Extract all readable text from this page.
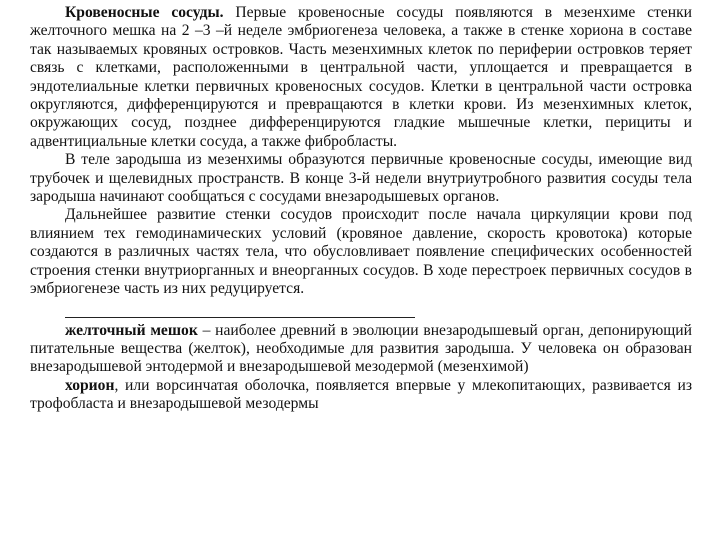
Кровеносные сосуды. Первые кровеносные сосуды появляются в мезенхиме стенки желточного мешка на 2 –3 –й неделе эмбриогенеза человека, а также в стенке хориона в составе так называемых кровяных островков. Часть мезенхимных клеток по периферии островков теряет связь с клетками, расположенными в центральной части, уплощается и превращается в эндотелиальные клетки первичных кровеносных сосудов. Клетки в центральной части островка округляются, дифференцируются и превращаются в клетки крови. Из мезенхимных клеток, окружающих сосуд, позднее дифференцируются гладкие мышечные клетки, перициты и адвентициальные клетки сосуда, а также фибробласты.

В теле зародыша из мезенхимы образуются первичные кровеносные сосуды, имеющие вид трубочек и щелевидных пространств. В конце 3-й недели внутриутробного развития сосуды тела зародыша начинают сообщаться с сосудами внезародышевых органов.

Дальнейшее развитие стенки сосудов происходит после начала циркуляции крови под влиянием тех гемодинамических условий (кровяное давление, скорость кровотока) которые создаются в различных частях тела, что обусловливает появление специфических особенностей строения стенки внутриорганных и внеорганных сосудов. В ходе перестроек первичных сосудов в эмбриогенезе часть из них редуцируется.

желточный мешок – наиболее древний в эволюции внезародышевый орган, депонирующий питательные вещества (желток), необходимые для развития зародыша. У человека он образован внезародышевой энтодермой и внезародышевой мезодермой (мезенхимой)

хорион, или ворсинчатая оболочка, появляется впервые у млекопитающих, развивается из трофобласта и внезародышевой мезодермы
